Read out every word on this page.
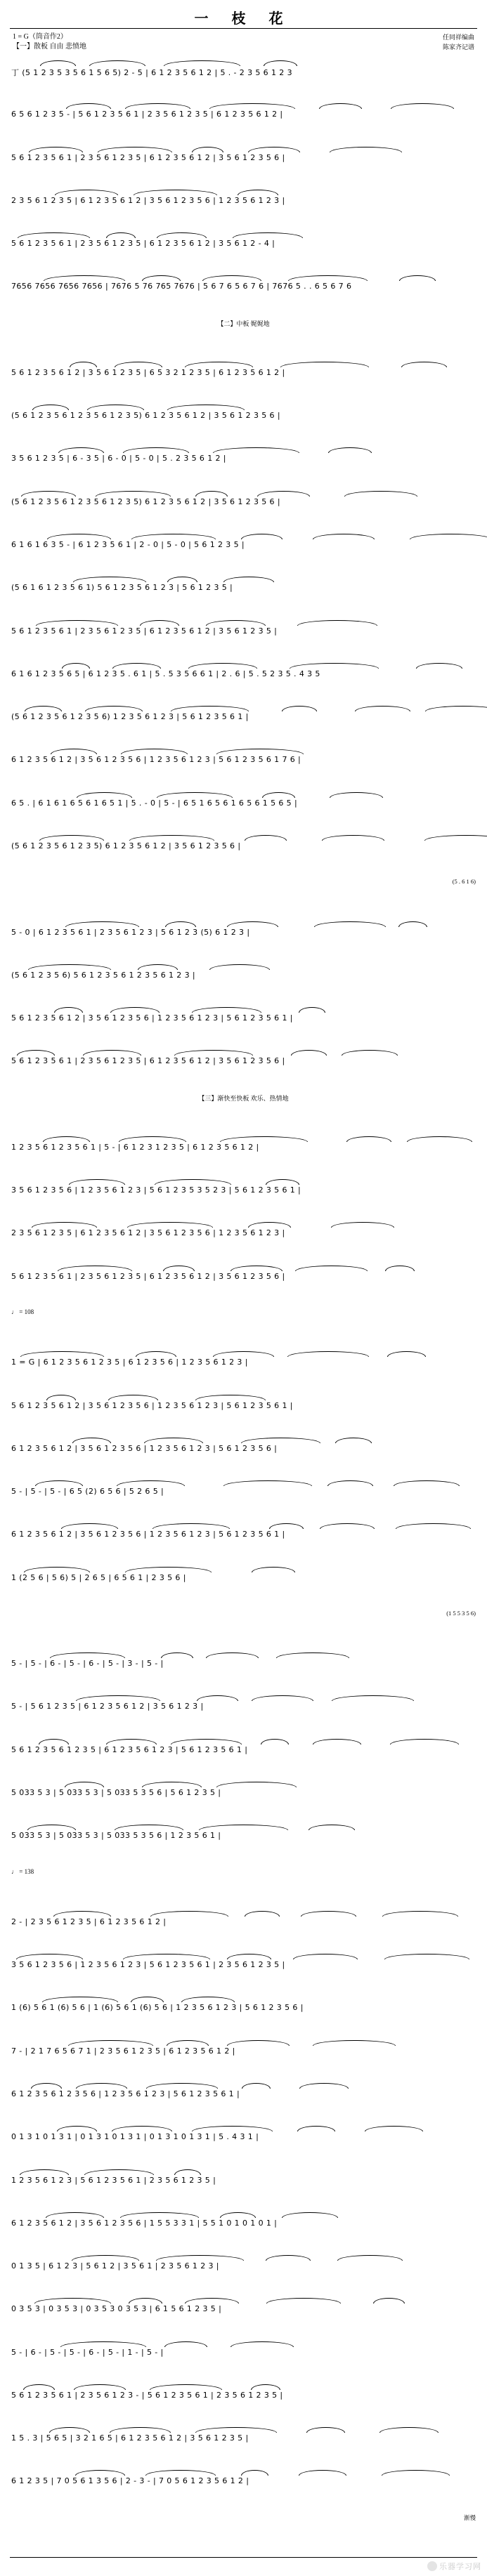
一 枝 花
1 = G（筒音作2）
【一】散板 自由 悲愤地
任同祥编曲
陈家齐记谱
丁 (5 1 2 3 5 3 5 6 1 5 6 5) 2 - 5 | 6 1 2 3 5 6 1 2 | 5 . - 2 3 5 6 1 2 3
6 5 6 1 2 3 5 - | 5 6 1 2 3 5 6 1 | 2 3 5 6 1 2 3 5 | 6 1 2 3 5 6 1 2 |
5 6 1 2 3 5 6 1 | 2 3 5 6 1 2 3 5 | 6 1 2 3 5 6 1 2 | 3 5 6 1 2 3 5 6 |
2 3 5 6 1 2 3 5 | 6 1 2 3 5 6 1 2 | 3 5 6 1 2 3 5 6 | 1 2 3 5 6 1 2 3 |
5 6 1 2 3 5 6 1 | 2 3 5 6 1 2 3 5 | 6 1 2 3 5 6 1 2 | 3 5 6 1 2 - 4 |
7656 7656 7656 7656 | 7676 5 76 765 7676 | 5 6 7 6 5 6 7 6 | 7676 5 . . 6 5 6 7 6
【二】中板 娓娓地
5 6 1 2 3 5 6 1 2 | 3 5 6 1 2 3 5 | 6 5 3 2 1 2 3 5 | 6 1 2 3 5 6 1 2 |
(5 6 1 2 3 5 6 1 2 3 5 6 1 2 3 5) 6 1 2 3 5 6 1 2 | 3 5 6 1 2 3 5 6 |
3 5 6 1 2 3 5 | 6 - 3 5 | 6 - 0 | 5 - 0 | 5 . 2 3 5 6 1 2 |
(5 6 1 2 3 5 6 1 2 3 5 6 1 2 3 5) 6 1 2 3 5 6 1 2 | 3 5 6 1 2 3 5 6 |
6 1 6 1 6 3 5 - | 6 1 2 3 5 6 1 | 2 - 0 | 5 - 0 | 5 6 1 2 3 5 |
(5 6 1 6 1 2 3 5 6 1) 5 6 1 2 3 5 6 1 2 3 | 5 6 1 2 3 5 |
5 6 1 2 3 5 6 1 | 2 3 5 6 1 2 3 5 | 6 1 2 3 5 6 1 2 | 3 5 6 1 2 3 5 |
6 1 6 1 2 3 5 6 5 | 6 1 2 3 5 . 6 1 | 5 . 5 3 5 6 6 1 | 2 . 6 | 5 . 5 2 3 5 . 4 3 5
(5 6 1 2 3 5 6 1 2 3 5 6) 1 2 3 5 6 1 2 3 | 5 6 1 2 3 5 6 1 |
6 1 2 3 5 6 1 2 | 3 5 6 1 2 3 5 6 | 1 2 3 5 6 1 2 3 | 5 6 1 2 3 5 6 1 7 6 |
6 5 . | 6 1 6 1 6 5 6 1 6 5 1 | 5 . - 0 | 5 - | 6 5 1 6 5 6 1 6 5 6 1 5 6 5 |
(5 6 1 2 3 5 6 1 2 3 5) 6 1 2 3 5 6 1 2 | 3 5 6 1 2 3 5 6 |
(5 . 6 1 6)
5 - 0 | 6 1 2 3 5 6 1 | 2 3 5 6 1 2 3 | 5 6 1 2 3 (5) 6 1 2 3 |
(5 6 1 2 3 5 6) 5 6 1 2 3 5 6 1 2 3 5 6 1 2 3 |
5 6 1 2 3 5 6 1 2 | 3 5 6 1 2 3 5 6 | 1 2 3 5 6 1 2 3 | 5 6 1 2 3 5 6 1 |
5 6 1 2 3 5 6 1 | 2 3 5 6 1 2 3 5 | 6 1 2 3 5 6 1 2 | 3 5 6 1 2 3 5 6 |
【三】渐快至快板 欢乐、热情地
1 2 3 5 6 1 2 3 5 6 1 | 5 - | 6 1 2 3 1 2 3 5 | 6 1 2 3 5 6 1 2 |
3 5 6 1 2 3 5 6 | 1 2 3 5 6 1 2 3 | 5 6 1 2 3 5 3 5 2 3 | 5 6 1 2 3 5 6 1 |
2 3 5 6 1 2 3 5 | 6 1 2 3 5 6 1 2 | 3 5 6 1 2 3 5 6 | 1 2 3 5 6 1 2 3 |
5 6 1 2 3 5 6 1 | 2 3 5 6 1 2 3 5 | 6 1 2 3 5 6 1 2 | 3 5 6 1 2 3 5 6 |
♩ = 108
1 = G | 6 1 2 3 5 6 1 2 3 5 | 6 1 2 3 5 6 | 1 2 3 5 6 1 2 3 |
5 6 1 2 3 5 6 1 2 | 3 5 6 1 2 3 5 6 | 1 2 3 5 6 1 2 3 | 5 6 1 2 3 5 6 1 |
6 1 2 3 5 6 1 2 | 3 5 6 1 2 3 5 6 | 1 2 3 5 6 1 2 3 | 5 6 1 2 3 5 6 |
5 - | 5 - | 5 - | 6 5 (2) 6 5 6 | 5 2 6 5 |
6 1 2 3 5 6 1 2 | 3 5 6 1 2 3 5 6 | 1 2 3 5 6 1 2 3 | 5 6 1 2 3 5 6 1 |
1 (2 5 6 | 5 6) 5 | 2 6 5 | 6 5 6 1 | 2 3 5 6 |
(1 5 5 3 5 6)
5 - | 5 - | 6 - | 5 - | 6 - | 5 - | 3 - | 5 - |
5 - | 5 6 1 2 3 5 | 6 1 2 3 5 6 1 2 | 3 5 6 1 2 3 |
5 6 1 2 3 5 6 1 2 3 5 | 6 1 2 3 5 6 1 2 3 | 5 6 1 2 3 5 6 1 |
5 033 5 3 | 5 033 5 3 | 5 033 5 3 5 6 | 5 6 1 2 3 5 |
5 033 5 3 | 5 033 5 3 | 5 033 5 3 5 6 | 1 2 3 5 6 1 |
♩ = 138
2 - | 2 3 5 6 1 2 3 5 | 6 1 2 3 5 6 1 2 |
3 5 6 1 2 3 5 6 | 1 2 3 5 6 1 2 3 | 5 6 1 2 3 5 6 1 | 2 3 5 6 1 2 3 5 |
1 (6) 5 6 1 (6) 5 6 | 1 (6) 5 6 1 (6) 5 6 | 1 2 3 5 6 1 2 3 | 5 6 1 2 3 5 6 |
7 - | 2 1 7 6 5 6 7 1 | 2 3 5 6 1 2 3 5 | 6 1 2 3 5 6 1 2 |
6 1 2 3 5 6 1 2 3 5 6 | 1 2 3 5 6 1 2 3 | 5 6 1 2 3 5 6 1 |
0 1 3 1 0 1 3 1 | 0 1 3 1 0 1 3 1 | 0 1 3 1 0 1 3 1 | 5 . 4 3 1 |
1 2 3 5 6 1 2 3 | 5 6 1 2 3 5 6 1 | 2 3 5 6 1 2 3 5 |
6 1 2 3 5 6 1 2 | 3 5 6 1 2 3 5 6 | 1 5 5 3 3 1 | 5 5 1 0 1 0 1 0 1 |
0 1 3 5 | 6 1 2 3 | 5 6 1 2 | 3 5 6 1 | 2 3 5 6 1 2 3 |
0 3 5 3 | 0 3 5 3 | 0 3 5 3 0 3 5 3 | 6 1 5 6 1 2 3 5 |
5 - | 6 - | 5 - | 5 - | 6 - | 5 - | 1 - | 5 - |
5 6 1 2 3 5 6 1 | 2 3 5 6 1 2 3 - | 5 6 1 2 3 5 6 1 | 2 3 5 6 1 2 3 5 |
1 5 . 3 | 5 6 5 | 3 2 1 6 5 | 6 1 2 3 5 6 1 2 | 3 5 6 1 2 3 5 |
6 1 2 3 5 | 7 0 5 6 1 3 5 6 | 2 - 3 - | 7 0 5 6 1 2 3 5 6 1 2 |
渐慢
乐器学习网
